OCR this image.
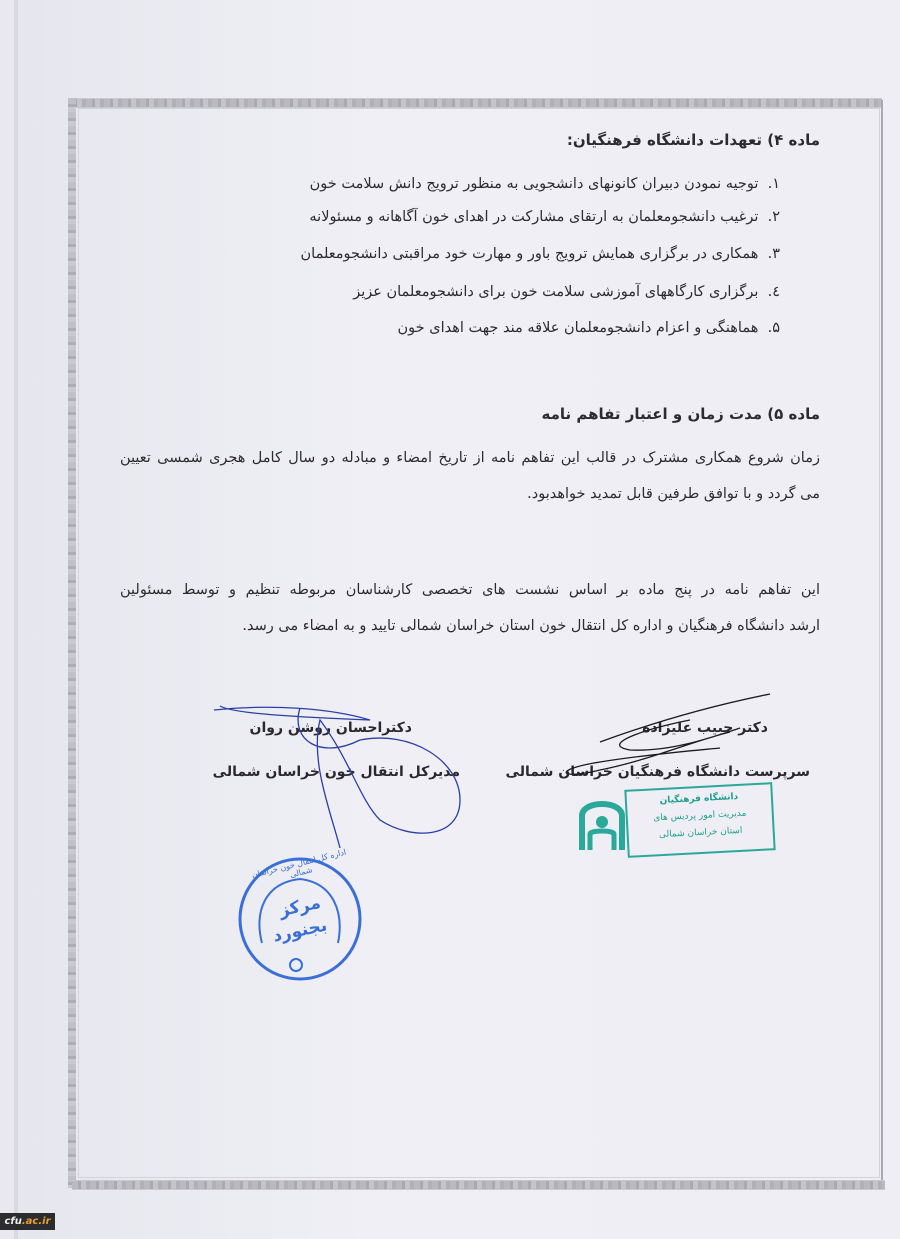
ماده ۴) تعهدات دانشگاه فرهنگیان:
۱.  توجیه نمودن دبیران کانونهای دانشجویی به منظور ترویج دانش سلامت خون
۲.  ترغیب دانشجومعلمان به ارتقای مشارکت در اهدای خون آگاهانه و مسئولانه
۳.  همکاری در برگزاری همایش ترویج باور و مهارت خود مراقبتی دانشجومعلمان
٤.  برگزاری کارگاههای آموزشی سلامت خون برای دانشجومعلمان عزیز
۵.  هماهنگی و اعزام دانشجومعلمان علاقه مند جهت اهدای خون
ماده ۵) مدت زمان و اعتبار تفاهم نامه
زمان شروع همکاری مشترک در قالب این تفاهم نامه از تاریخ امضاء و مبادله دو سال کامل هجری شمسی تعیین
می گردد و با توافق طرفین قابل تمدید خواهدبود.
این تفاهم نامه در پنج ماده بر اساس نشست های تخصصی کارشناسان مربوطه تنظیم و توسط مسئولین
ارشد دانشگاه فرهنگیان و اداره کل انتقال خون استان خراسان شمالی تایید و به امضاء می رسد.
دکتر حبیب علیزاده
سرپرست دانشگاه فرهنگیان خراسان شمالی
دکتراحسان روشن روان
مدیرکل انتقال خون خراسان شمالی
دانشگاه فرهنگیان
مدیریت امور پردیس های
استان خراسان شمالی
اداره کل انتقال خون خراسان شمالی
مرکز
بجنورد
cfu.ac.ir
